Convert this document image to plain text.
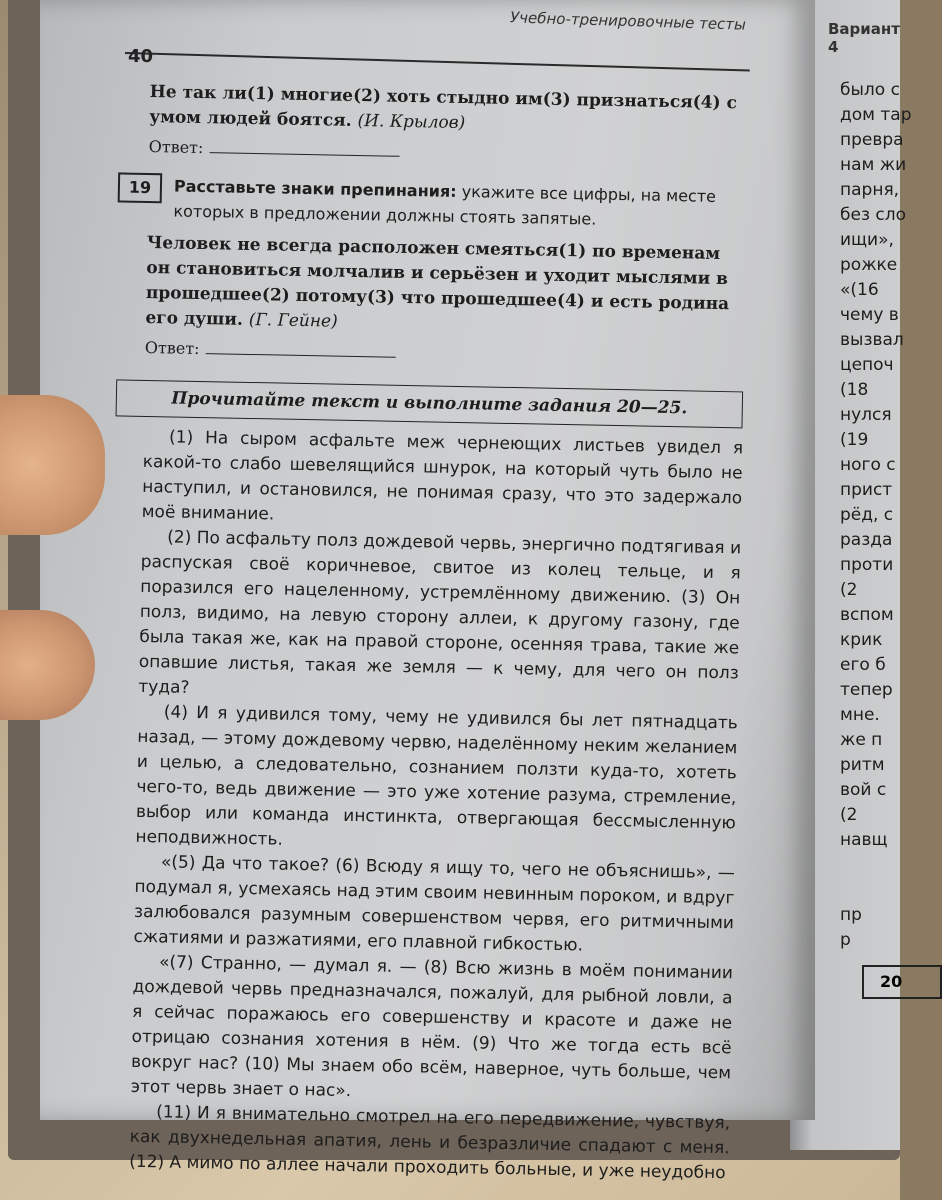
Учебно-тренировочные тесты
40
Вариант 4
Не так ли(1) многие(2) хоть стыдно им(3) признаться(4) с умом людей боятся. (И. Крылов)
Ответ:
19	Расставьте знаки препинания: укажите все цифры, на месте которых в предложении должны стоять запятые.
Человек не всегда расположен смеяться(1) по временам он становиться молчалив и серьёзен и уходит мыслями в прошедшее(2) потому(3) что прошедшее(4) и есть родина его души. (Г. Гейне)
Ответ:
Прочитайте текст и выполните задания 20—25.

(1) На сыром асфальте меж чернеющих листьев увидел я какой-то слабо шевелящийся шнурок, на который чуть было не наступил, и остановился, не понимая сразу, что это задержало моё внимание.

(2) По асфальту полз дождевой червь, энергично подтягивая и распуская своё коричневое, свитое из колец тельце, и я поразился его нацеленному, устремлённому движению. (3) Он полз, видимо, на левую сторону аллеи, к другому газону, где была такая же, как на правой стороне, осенняя трава, такие же опавшие листья, такая же земля — к чему, для чего он полз туда?

(4) И я удивился тому, чему не удивился бы лет пятнадцать назад, — этому дождевому червю, наделённому неким желанием и целью, а следовательно, сознанием ползти куда-то, хотеть чего-то, ведь движение — это уже хотение разума, стремление, выбор или команда инстинкта, отвергающая бессмысленную неподвижность.

«(5) Да что такое? (6) Всюду я ищу то, чего не объяснишь», — подумал я, усмехаясь над этим своим невинным пороком, и вдруг залюбовался разумным совершенством червя, его ритмичными сжатиями и разжатиями, его плавной гибкостью.

«(7) Странно, — думал я. — (8) Всю жизнь в моём понимании дождевой червь предназначался, пожалуй, для рыбной ловли, а я сейчас поражаюсь его совершенству и красоте и даже не отрицаю сознания хотения в нём. (9) Что же тогда есть всё вокруг нас? (10) Мы знаем обо всём, наверное, чуть больше, чем этот червь знает о нас».

(11) И я внимательно смотрел на его передвижение, чувствуя, как двухнедельная апатия, лень и безразличие спадают с меня. (12) А мимо по аллее начали проходить больные, и уже неудобно

было с
дом тар
превра
нам жи
парня,
без сло
ищи»,
рожке
«(16
чему в
вызвал
цепоч
(18
нулся
(19
ного с
прист
рёд, с
разда
проти
(2
вспом
крик
его б
тепер
мне.
же п
ритм
вой с
(2
навщ

пр
р
20
